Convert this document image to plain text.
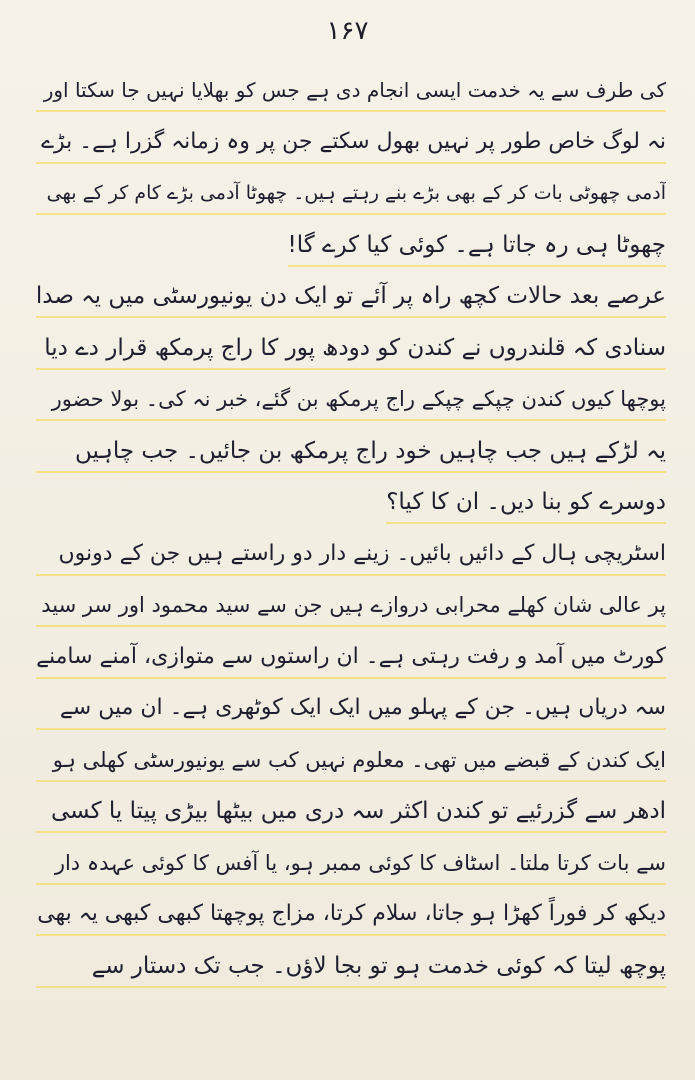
۱۶۷
کی طرف سے یہ خدمت ایسی انجام دی ہے جس کو بھلایا نہیں جا سکتا اور
نہ لوگ خاص طور پر نہیں بھول سکتے جن پر وہ زمانہ گزرا ہے۔ بڑے
آدمی چھوٹی بات کر کے بھی بڑے بنے رہتے ہیں۔ چھوٹا آدمی بڑے کام کر کے بھی
چھوٹا ہی رہ جاتا ہے۔ کوئی کیا کرے گا!
عرصے بعد حالات کچھ راہ پر آئے تو ایک دن یونیورسٹی میں یہ صدا
سنادی کہ قلندروں نے کندن کو دودھ پور کا راج پرمکھ قرار دے دیا
پوچھا کیوں کندن چپکے چپکے راج پرمکھ بن گئے، خبر نہ کی۔ بولا حضور
یہ لڑکے ہیں جب چاہیں خود راج پرمکھ بن جائیں۔ جب چاہیں
دوسرے کو بنا دیں۔ ان کا کیا؟
اسٹریچی ہال کے دائیں بائیں۔ زینے دار دو راستے ہیں جن کے دونوں
پر عالی شان کھلے محرابی دروازے ہیں جن سے سید محمود اور سر سید
کورٹ میں آمد و رفت رہتی ہے۔ ان راستوں سے متوازی، آمنے سامنے
سہ دریاں ہیں۔ جن کے پہلو میں ایک ایک کوٹھری ہے۔ ان میں سے
ایک کندن کے قبضے میں تھی۔ معلوم نہیں کب سے یونیورسٹی کھلی ہو
ادھر سے گزرئیے تو کندن اکثر سہ دری میں بیٹھا بیڑی پیتا یا کسی
سے بات کرتا ملتا۔ اسٹاف کا کوئی ممبر ہو، یا آفس کا کوئی عہدہ دار
دیکھ کر فوراً کھڑا ہو جاتا، سلام کرتا، مزاج پوچھتا کبھی کبھی یہ بھی
پوچھ لیتا کہ کوئی خدمت ہو تو بجا لاؤں۔ جب تک دستار سے
